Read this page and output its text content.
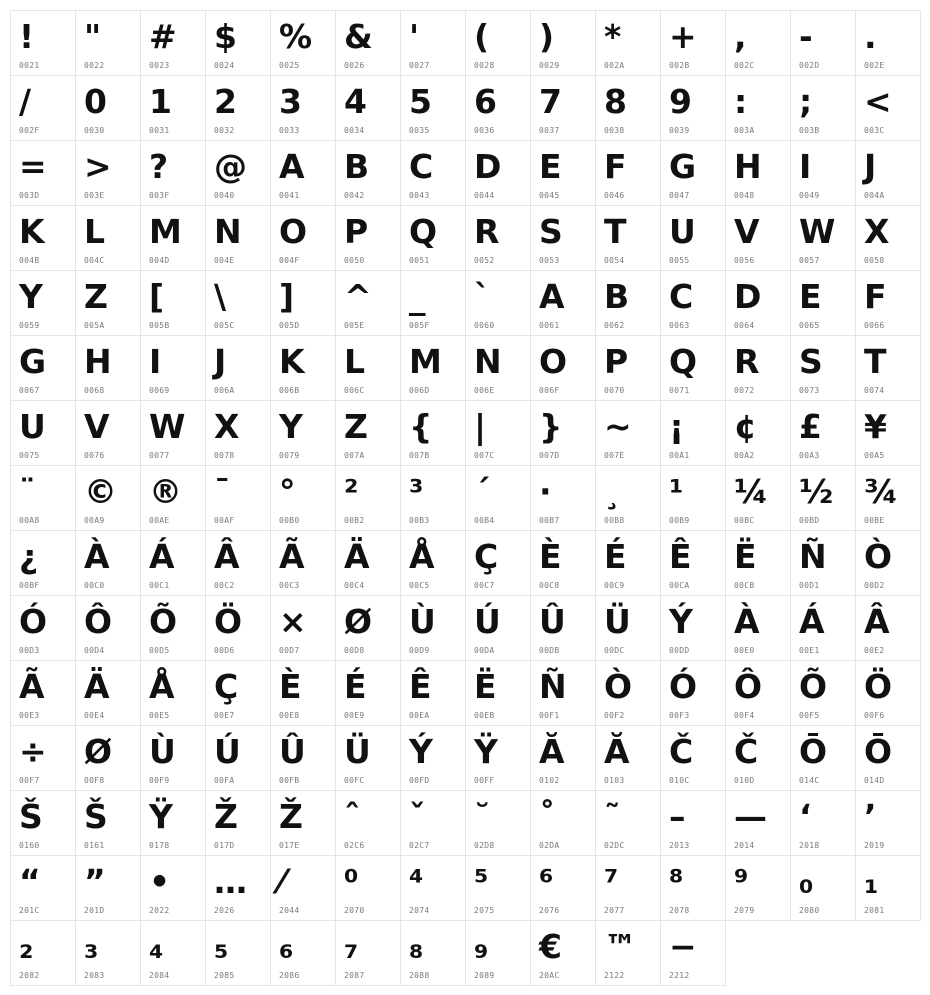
!
0021
"
0022
#
0023
$
0024
%
0025
&
0026
'
0027
(
0028
)
0029
*
002A
+
002B
,
002C
-
002D
.
002E
/
002F
0
0030
1
0031
2
0032
3
0033
4
0034
5
0035
6
0036
7
0037
8
0038
9
0039
:
003A
;
003B
<
003C
=
003D
>
003E
?
003F
@
0040
A
0041
B
0042
C
0043
D
0044
E
0045
F
0046
G
0047
H
0048
I
0049
J
004A
K
004B
L
004C
M
004D
N
004E
O
004F
P
0050
Q
0051
R
0052
S
0053
T
0054
U
0055
V
0056
W
0057
X
0058
Y
0059
Z
005A
[
005B
\
005C
]
005D
^
005E
_
005F
`
0060
A
0061
B
0062
C
0063
D
0064
E
0065
F
0066
G
0067
H
0068
I
0069
J
006A
K
006B
L
006C
M
006D
N
006E
O
006F
P
0070
Q
0071
R
0072
S
0073
T
0074
U
0075
V
0076
W
0077
X
0078
Y
0079
Z
007A
{
007B
|
007C
}
007D
~
007E
¡
00A1
¢
00A2
£
00A3
¥
00A5
¨
00A8
©
00A9
®
00AE
¯
00AF
°
00B0
²
00B2
³
00B3
´
00B4
·
00B7
¸
00B8
¹
00B9
¼
00BC
½
00BD
¾
00BE
¿
00BF
À
00C0
Á
00C1
Â
00C2
Ã
00C3
Ä
00C4
Å
00C5
Ç
00C7
È
00C8
É
00C9
Ê
00CA
Ë
00CB
Ñ
00D1
Ò
00D2
Ó
00D3
Ô
00D4
Õ
00D5
Ö
00D6
×
00D7
Ø
00D8
Ù
00D9
Ú
00DA
Û
00DB
Ü
00DC
Ý
00DD
À
00E0
Á
00E1
Â
00E2
Ã
00E3
Ä
00E4
Å
00E5
Ç
00E7
È
00E8
É
00E9
Ê
00EA
Ë
00EB
Ñ
00F1
Ò
00F2
Ó
00F3
Ô
00F4
Õ
00F5
Ö
00F6
÷
00F7
Ø
00F8
Ù
00F9
Ú
00FA
Û
00FB
Ü
00FC
Ý
00FD
Ÿ
00FF
Ă
0102
Ă
0103
Č
010C
Č
010D
Ō
014C
Ō
014D
Š
0160
Š
0161
Ÿ
0178
Ž
017D
Ž
017E
ˆ
02C6
ˇ
02C7
˘
02D8
˚
02DA
˜
02DC
–
2013
—
2014
‘
2018
’
2019
“
201C
”
201D
•
2022
…
2026
⁄
2044
⁰
2070
⁴
2074
⁵
2075
⁶
2076
⁷
2077
⁸
2078
⁹
2079
₀
2080
₁
2081
₂
2082
₃
2083
₄
2084
₅
2085
₆
2086
₇
2087
₈
2088
₉
2089
€
20AC
™
2122
−
2212
